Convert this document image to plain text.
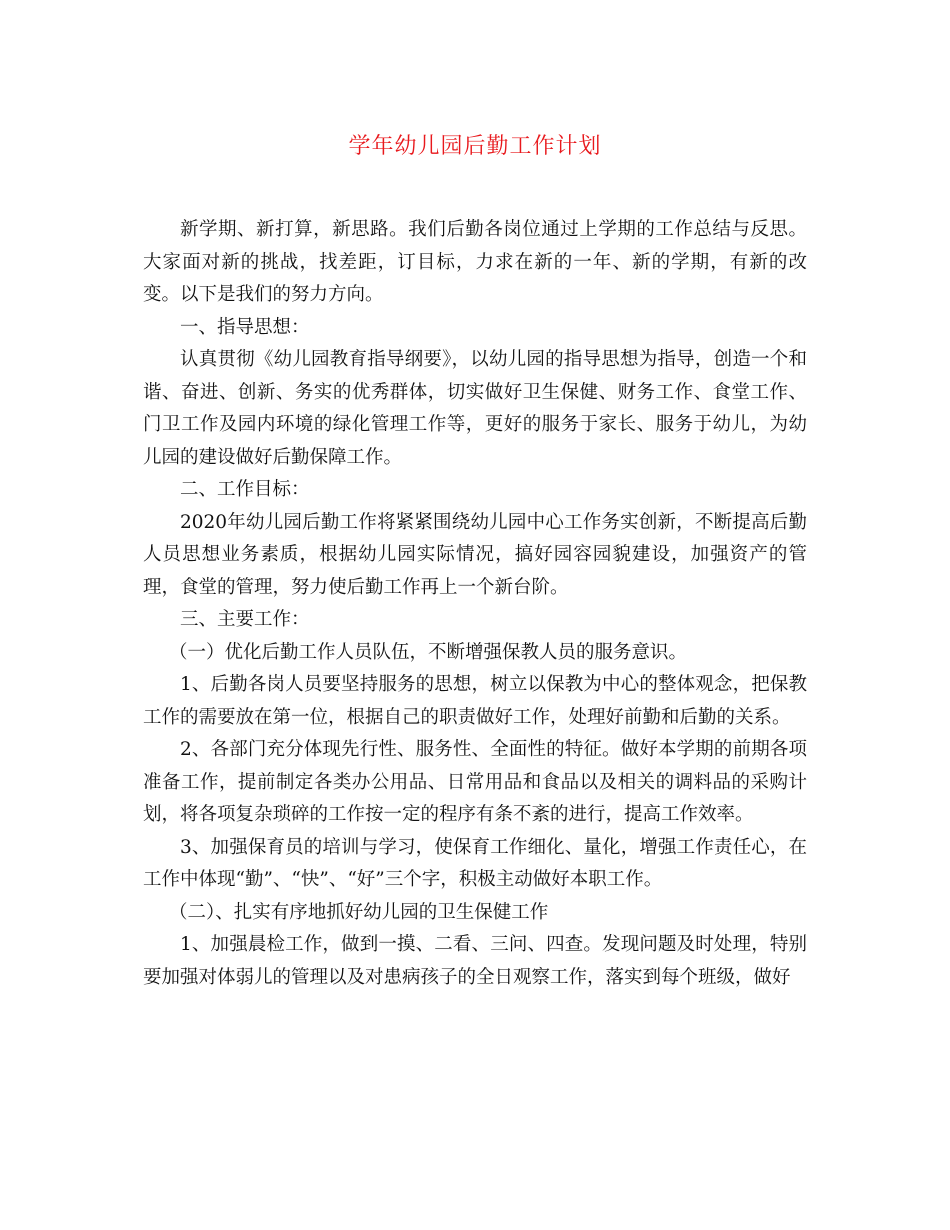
学年幼儿园后勤工作计划

新学期、新打算，新思路。我们后勤各岗位通过上学期的工作总结与反思。大家面对新的挑战，找差距，订目标，力求在新的一年、新的学期，有新的改变。以下是我们的努力方向。

一、指导思想：

认真贯彻《幼儿园教育指导纲要》，以幼儿园的指导思想为指导，创造一个和谐、奋进、创新、务实的优秀群体，切实做好卫生保健、财务工作、食堂工作、门卫工作及园内环境的绿化管理工作等，更好的服务于家长、服务于幼儿，为幼儿园的建设做好后勤保障工作。

二、工作目标：

2020年幼儿园后勤工作将紧紧围绕幼儿园中心工作务实创新，不断提高后勤人员思想业务素质，根据幼儿园实际情况，搞好园容园貌建设，加强资产的管理，食堂的管理，努力使后勤工作再上一个新台阶。

三、主要工作：

（一）优化后勤工作人员队伍，不断增强保教人员的服务意识。

1、后勤各岗人员要坚持服务的思想，树立以保教为中心的整体观念，把保教工作的需要放在第一位，根据自己的职责做好工作，处理好前勤和后勤的关系。

2、各部门充分体现先行性、服务性、全面性的特征。做好本学期的前期各项准备工作，提前制定各类办公用品、日常用品和食品以及相关的调料品的采购计划，将各项复杂琐碎的工作按一定的程序有条不紊的进行，提高工作效率。

3、加强保育员的培训与学习，使保育工作细化、量化，增强工作责任心，在工作中体现“勤”、“快”、“好”三个字，积极主动做好本职工作。

（二）、扎实有序地抓好幼儿园的卫生保健工作

1、加强晨检工作，做到一摸、二看、三问、四查。发现问题及时处理，特别要加强对体弱儿的管理以及对患病孩子的全日观察工作，落实到每个班级，做好
